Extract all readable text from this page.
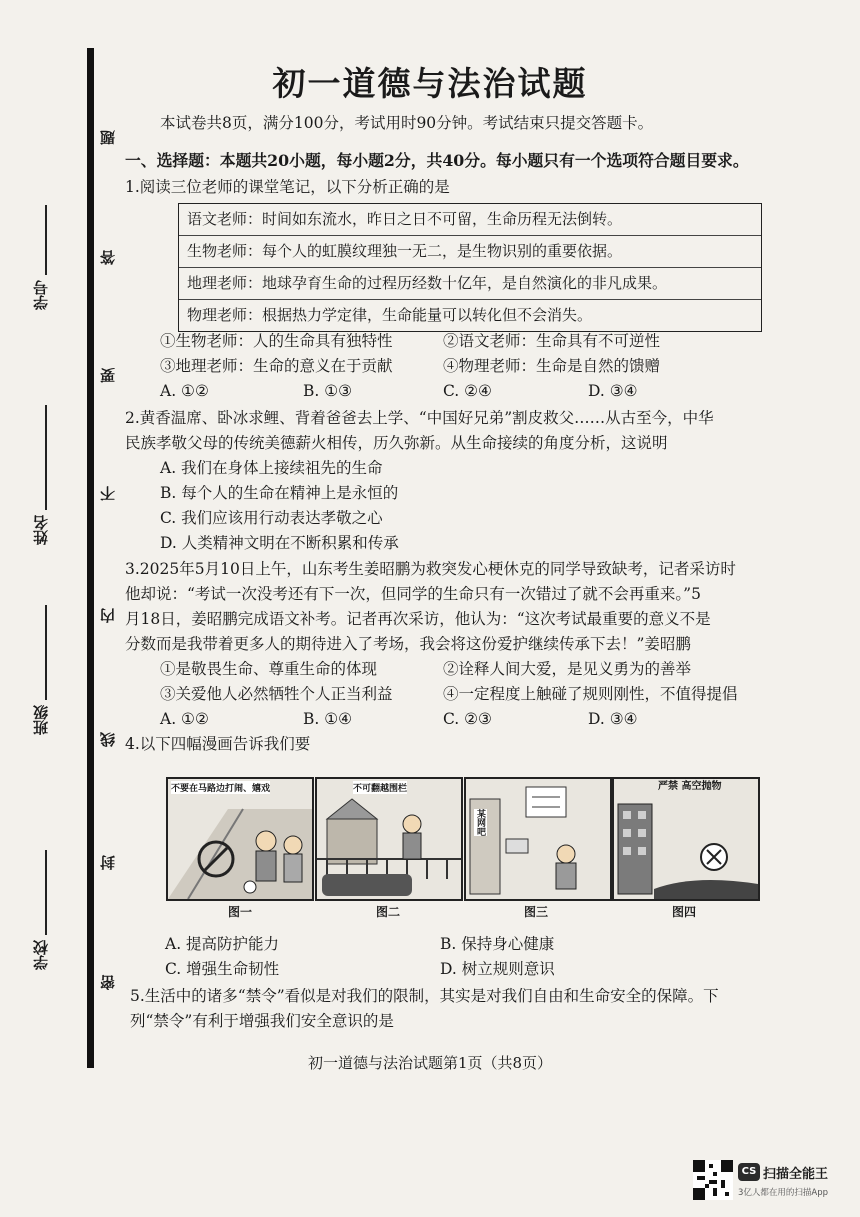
学校
班级
姓名
学号
题
答
要
不
内
线
封
密
初一道德与法治试题
本试卷共8页，满分100分，考试用时90分钟。考试结束只提交答题卡。
一、选择题：本题共20小题，每小题2分，共40分。每小题只有一个选项符合题目要求。
1.阅读三位老师的课堂笔记，以下分析正确的是
语文老师：时间如东流水，昨日之日不可留，生命历程无法倒转。
生物老师：每个人的虹膜纹理独一无二，是生物识别的重要依据。
地理老师：地球孕育生命的过程历经数十亿年，是自然演化的非凡成果。
物理老师：根据热力学定律，生命能量可以转化但不会消失。
①生物老师：人的生命具有独特性	②语文老师：生命具有不可逆性
③地理老师：生命的意义在于贡献	④物理老师：生命是自然的馈赠
A. ①②	B. ①③	C. ②④	D. ③④
2.黄香温席、卧冰求鲤、背着爸爸去上学、“中国好兄弟”割皮救父……从古至今，中华
民族孝敬父母的传统美德薪火相传，历久弥新。从生命接续的角度分析，这说明
A. 我们在身体上接续祖先的生命
B. 每个人的生命在精神上是永恒的
C. 我们应该用行动表达孝敬之心
D. 人类精神文明在不断积累和传承
3.2025年5月10日上午，山东考生姜昭鹏为救突发心梗休克的同学导致缺考，记者采访时
他却说：“考试一次没考还有下一次，但同学的生命只有一次错过了就不会再重来。”5
月18日，姜昭鹏完成语文补考。记者再次采访，他认为：“这次考试最重要的意义不是
分数而是我带着更多人的期待进入了考场，我会将这份爱护继续传承下去！”姜昭鹏
①是敬畏生命、尊重生命的体现	②诠释人间大爱，是见义勇为的善举
③关爱他人必然牺牲个人正当利益	④一定程度上触碰了规则刚性，不值得提倡
A. ①②	B. ①④	C. ②③	D. ③④
4.以下四幅漫画告诉我们要
不要在马路边打闹、嬉戏	不可翻越围栏
某网吧
严禁 高空抛物
图一	图二	图三	图四
A. 提高防护能力	B. 保持身心健康
C. 增强生命韧性	D. 树立规则意识
5.生活中的诸多“禁令”看似是对我们的限制，其实是对我们自由和生命安全的保障。下
列“禁令”有利于增强我们安全意识的是
初一道德与法治试题第1页（共8页）
CS 扫描全能王
3亿人都在用的扫描App
